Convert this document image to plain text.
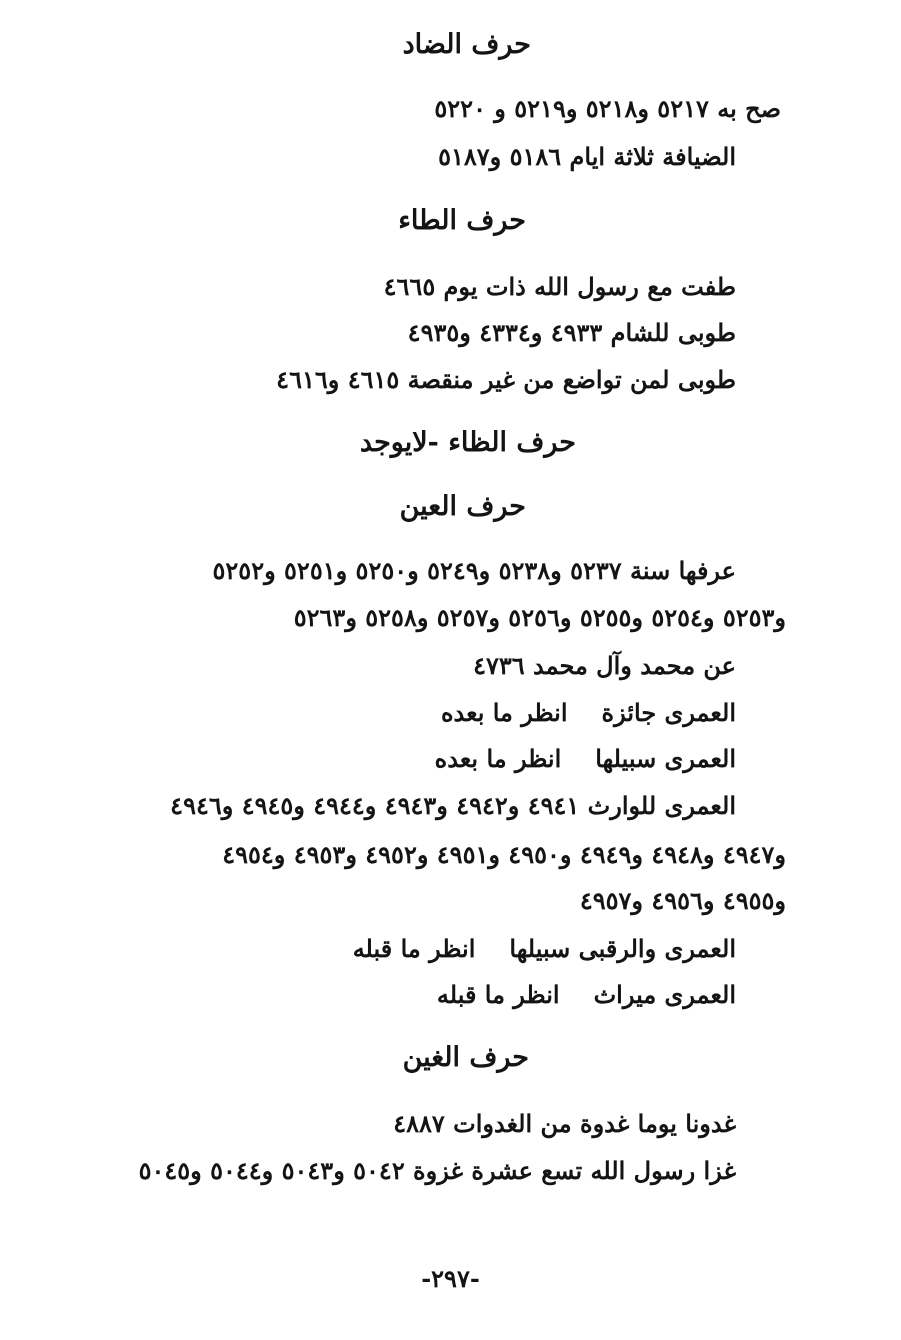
حرف الضاد
صح به ٥٢١٧ و٥٢١٨ و٥٢١٩ و ٥٢٢٠
الضيافة ثلاثة ايام ٥١٨٦ و٥١٨٧
حرف الطاء
طفت مع رسول الله ذات يوم ٤٦٦٥
طوبى للشام ٤٩٣٣ و٤٣٣٤ و٤٩٣٥
طوبى لمن تواضع من غير منقصة ٤٦١٥ و٤٦١٦
حرف الظاء -لايوجد
حرف العين
عرفها سنة ٥٢٣٧ و٥٢٣٨ و٥٢٤٩ و٥٢٥٠ و٥٢٥١ و٥٢٥٢
و٥٢٥٣ و٥٢٥٤ و٥٢٥٥ و٥٢٥٦ و٥٢٥٧ و٥٢٥٨ و٥٢٦٣
عن محمد وآل محمد ٤٧٣٦
العمرى جائزةانظر ما بعده
العمرى سبيلهاانظر ما بعده
العمرى للوارث ٤٩٤١ و٤٩٤٢ و٤٩٤٣ و٤٩٤٤ و٤٩٤٥ و٤٩٤٦
و٤٩٤٧ و٤٩٤٨ و٤٩٤٩ و٤٩٥٠ و٤٩٥١ و٤٩٥٢ و٤٩٥٣ و٤٩٥٤
و٤٩٥٥ و٤٩٥٦ و٤٩٥٧
العمرى والرقبى سبيلهاانظر ما قبله
العمرى ميراثانظر ما قبله
حرف الغين
غدونا يوما غدوة من الغدوات ٤٨٨٧
غزا رسول الله تسع عشرة غزوة ٥٠٤٢ و٥٠٤٣ و٥٠٤٤ و٥٠٤٥
-٢٩٧-
